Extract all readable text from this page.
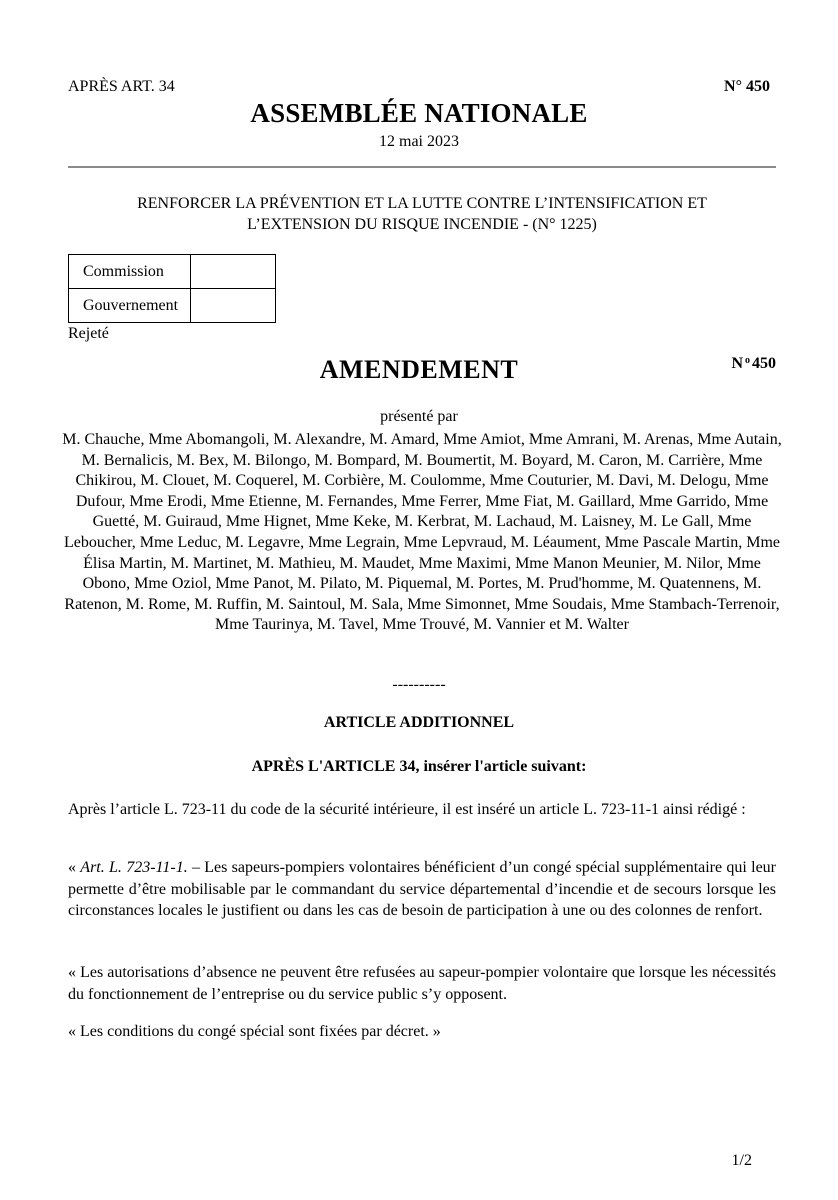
APRÈS ART. 34	N° 450
ASSEMBLÉE NATIONALE
12 mai 2023
RENFORCER LA PRÉVENTION ET LA LUTTE CONTRE L’INTENSIFICATION ET L’EXTENSION DU RISQUE INCENDIE - (N° 1225)
Commission	
Gouvernement	
Rejeté
AMENDEMENT	N $^o$ 450
présenté par
M. Chauche, Mme Abomangoli, M. Alexandre, M. Amard, Mme Amiot, Mme Amrani, M. Arenas, Mme Autain, M. Bernalicis, M. Bex, M. Bilongo, M. Bompard, M. Boumertit, M. Boyard, M. Caron, M. Carrière, Mme Chikirou, M. Clouet, M. Coquerel, M. Corbière, M. Coulomme, Mme Couturier, M. Davi, M. Delogu, Mme Dufour, Mme Erodi, Mme Etienne, M. Fernandes, Mme Ferrer, Mme Fiat, M. Gaillard, Mme Garrido, Mme Guetté, M. Guiraud, Mme Hignet, Mme Keke, M. Kerbrat, M. Lachaud, M. Laisney, M. Le Gall, Mme Leboucher, Mme Leduc, M. Legavre, Mme Legrain, Mme Lepvraud, M. Léaument, Mme Pascale Martin, Mme Élisa Martin, M. Martinet, M. Mathieu, M. Maudet, Mme Maximi, Mme Manon Meunier, M. Nilor, Mme Obono, Mme Oziol, Mme Panot, M. Pilato, M. Piquemal, M. Portes, M. Prud'homme, M. Quatennens, M. Ratenon, M. Rome, M. Ruffin, M. Saintoul, M. Sala, Mme Simonnet, Mme Soudais, Mme Stambach-Terrenoir, Mme Taurinya, M. Tavel, Mme Trouvé, M. Vannier et M. Walter
----------
ARTICLE ADDITIONNEL
APRÈS L'ARTICLE 34, insérer l'article suivant:
Après l’article L. 723-11 du code de la sécurité intérieure, il est inséré un article L. 723-11-1 ainsi rédigé :
« Art. L. 723-11-1. – Les sapeurs-pompiers volontaires bénéficient d’un congé spécial supplémentaire qui leur permette d’être mobilisable par le commandant du service départemental d’incendie et de secours lorsque les circonstances locales le justifient ou dans les cas de besoin de participation à une ou des colonnes de renfort.
« Les autorisations d’absence ne peuvent être refusées au sapeur-pompier volontaire que lorsque les nécessités du fonctionnement de l’entreprise ou du service public s’y opposent.
« Les conditions du congé spécial sont fixées par décret. »
1/2
